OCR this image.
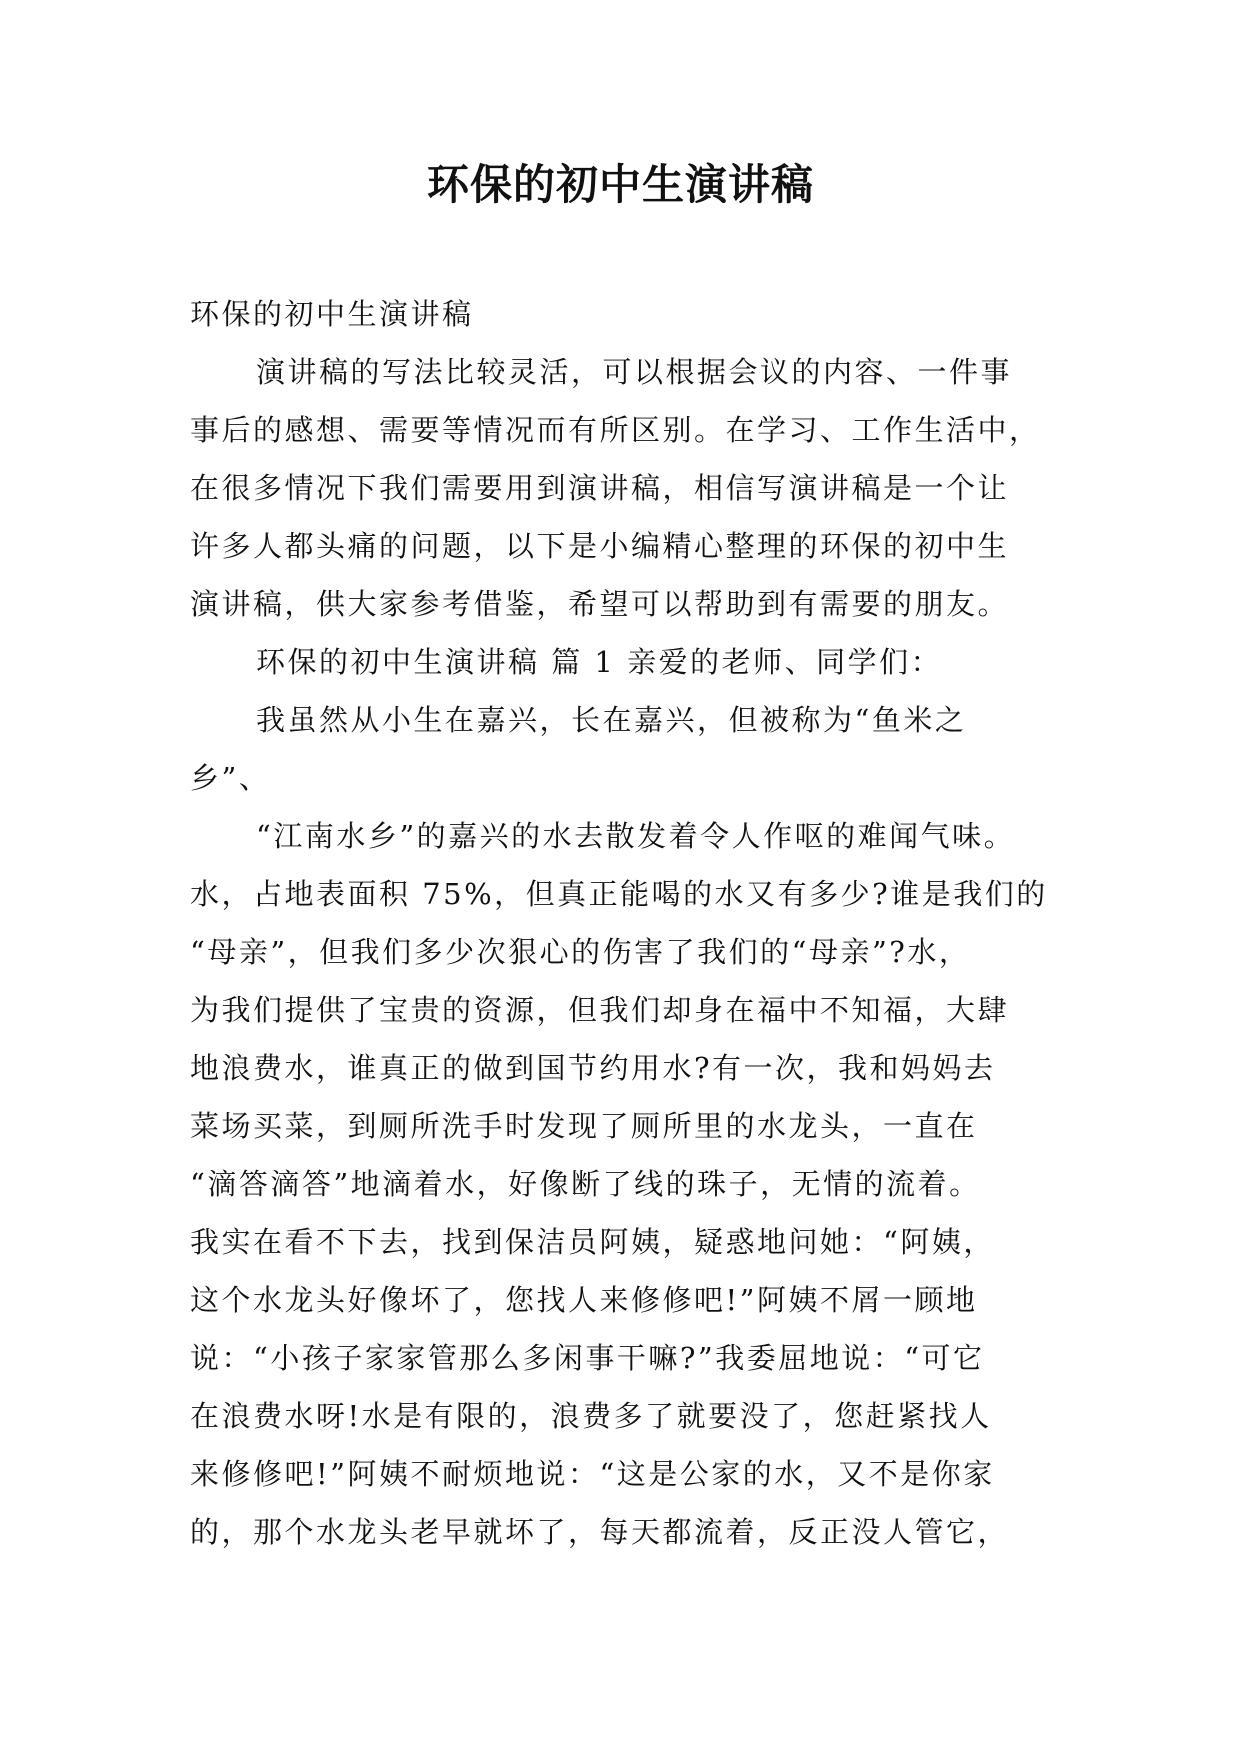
环保的初中生演讲稿
环保的初中生演讲稿
演讲稿的写法比较灵活，可以根据会议的内容、一件事
事后的感想、需要等情况而有所区别。在学习、工作生活中，
在很多情况下我们需要用到演讲稿，相信写演讲稿是一个让
许多人都头痛的问题，以下是小编精心整理的环保的初中生
演讲稿，供大家参考借鉴，希望可以帮助到有需要的朋友。
环保的初中生演讲稿 篇 1 亲爱的老师、同学们：
我虽然从小生在嘉兴，长在嘉兴，但被称为“鱼米之
乡”、
“江南水乡”的嘉兴的水去散发着令人作呕的难闻气味。
水，占地表面积 75%，但真正能喝的水又有多少?谁是我们的
“母亲”，但我们多少次狠心的伤害了我们的“母亲”?水，
为我们提供了宝贵的资源，但我们却身在福中不知福，大肆
地浪费水，谁真正的做到国节约用水?有一次，我和妈妈去
菜场买菜，到厕所洗手时发现了厕所里的水龙头，一直在
“滴答滴答”地滴着水，好像断了线的珠子，无情的流着。
我实在看不下去，找到保洁员阿姨，疑惑地问她：“阿姨，
这个水龙头好像坏了，您找人来修修吧!”阿姨不屑一顾地
说：“小孩子家家管那么多闲事干嘛?”我委屈地说：“可它
在浪费水呀!水是有限的，浪费多了就要没了，您赶紧找人
来修修吧!”阿姨不耐烦地说：“这是公家的水，又不是你家
的，那个水龙头老早就坏了，每天都流着，反正没人管它，
